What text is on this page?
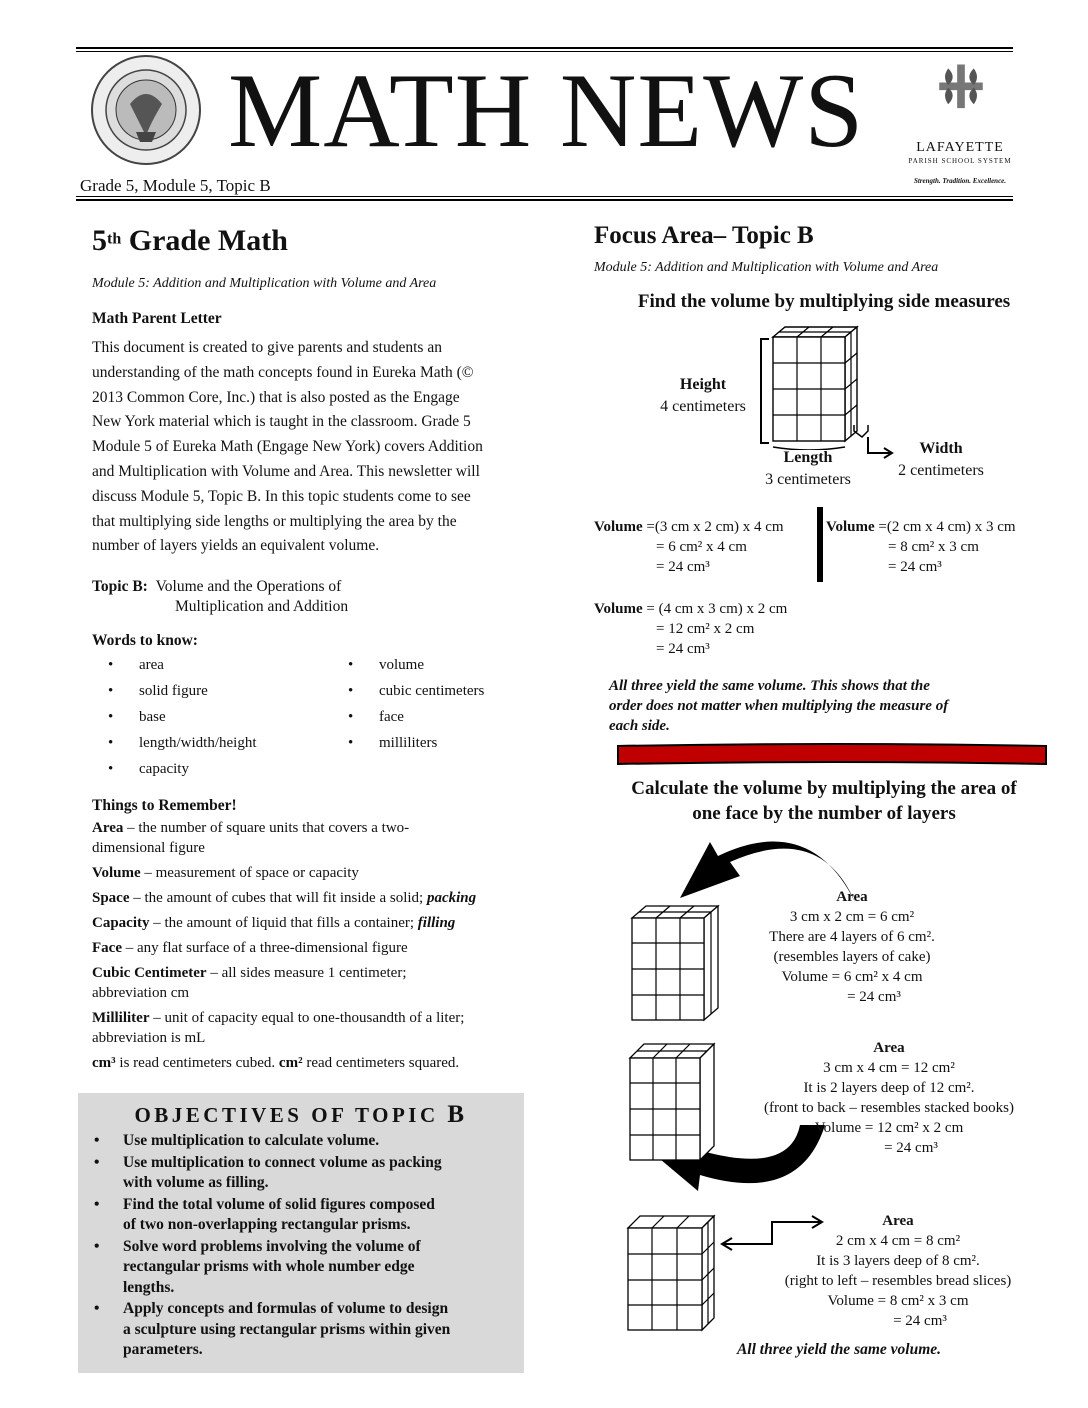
MATH NEWS
Grade 5, Module 5, Topic B
LAFAYETTE
PARISH SCHOOL SYSTEM
Strength. Tradition. Excellence.
5th Grade Math
Module 5: Addition and Multiplication with Volume and Area
Math Parent Letter
This document is created to give parents and students an
understanding of the math concepts found in Eureka Math (©
2013 Common Core, Inc.) that is also posted as the Engage
New York material which is taught in the classroom. Grade 5
Module 5 of Eureka Math (Engage New York) covers Addition
and Multiplication with Volume and Area. This newsletter will
discuss Module 5, Topic B. In this topic students come to see
that multiplying side lengths or multiplying the area by the
number of layers yields an equivalent volume.
Topic B: Volume and the Operations of
Multiplication and Addition
Words to know:
• area
• solid figure
• base
• length/width/height
• capacity
• volume
• cubic centimeters
• face
• milliliters
Things to Remember!
Area – the number of square units that covers a two-
dimensional figure
Volume – measurement of space or capacity
Space – the amount of cubes that will fit inside a solid; packing
Capacity – the amount of liquid that fills a container; filling
Face – any flat surface of a three-dimensional figure
Cubic Centimeter – all sides measure 1 centimeter;
abbreviation cm
Milliliter – unit of capacity equal to one-thousandth of a liter;
abbreviation is mL
cm³ is read centimeters cubed. cm² read centimeters squared.
OBJECTIVES OF TOPIC B
• Use multiplication to calculate volume.
• Use multiplication to connect volume as packing
with volume as filling.
• Find the total volume of solid figures composed
of two non-overlapping rectangular prisms.
• Solve word problems involving the volume of
rectangular prisms with whole number edge
lengths.
• Apply concepts and formulas of volume to design
a sculpture using rectangular prisms within given
parameters.
Focus Area– Topic B
Module 5: Addition and Multiplication with Volume and Area
Find the volume by multiplying side measures
Height
4 centimeters
Length
3 centimeters
Width
2 centimeters
Volume =(3 cm x 2 cm) x 4 cm
= 6 cm² x 4 cm
= 24 cm³
Volume =(2 cm x 4 cm) x 3 cm
= 8 cm² x 3 cm
= 24 cm³
Volume = (4 cm x 3 cm) x 2 cm
= 12 cm² x 2 cm
= 24 cm³
All three yield the same volume. This shows that the
order does not matter when multiplying the measure of
each side.
Calculate the volume by multiplying the area of
one face by the number of layers
Area
3 cm x 2 cm = 6 cm²
There are 4 layers of 6 cm².
(resembles layers of cake)
Volume = 6 cm² x 4 cm
= 24 cm³
Area
3 cm x 4 cm = 12 cm²
It is 2 layers deep of 12 cm².
(front to back – resembles stacked books)
Volume = 12 cm² x 2 cm
= 24 cm³
Area
2 cm x 4 cm = 8 cm²
It is 3 layers deep of 8 cm².
(right to left – resembles bread slices)
Volume = 8 cm² x 3 cm
= 24 cm³
All three yield the same volume.
